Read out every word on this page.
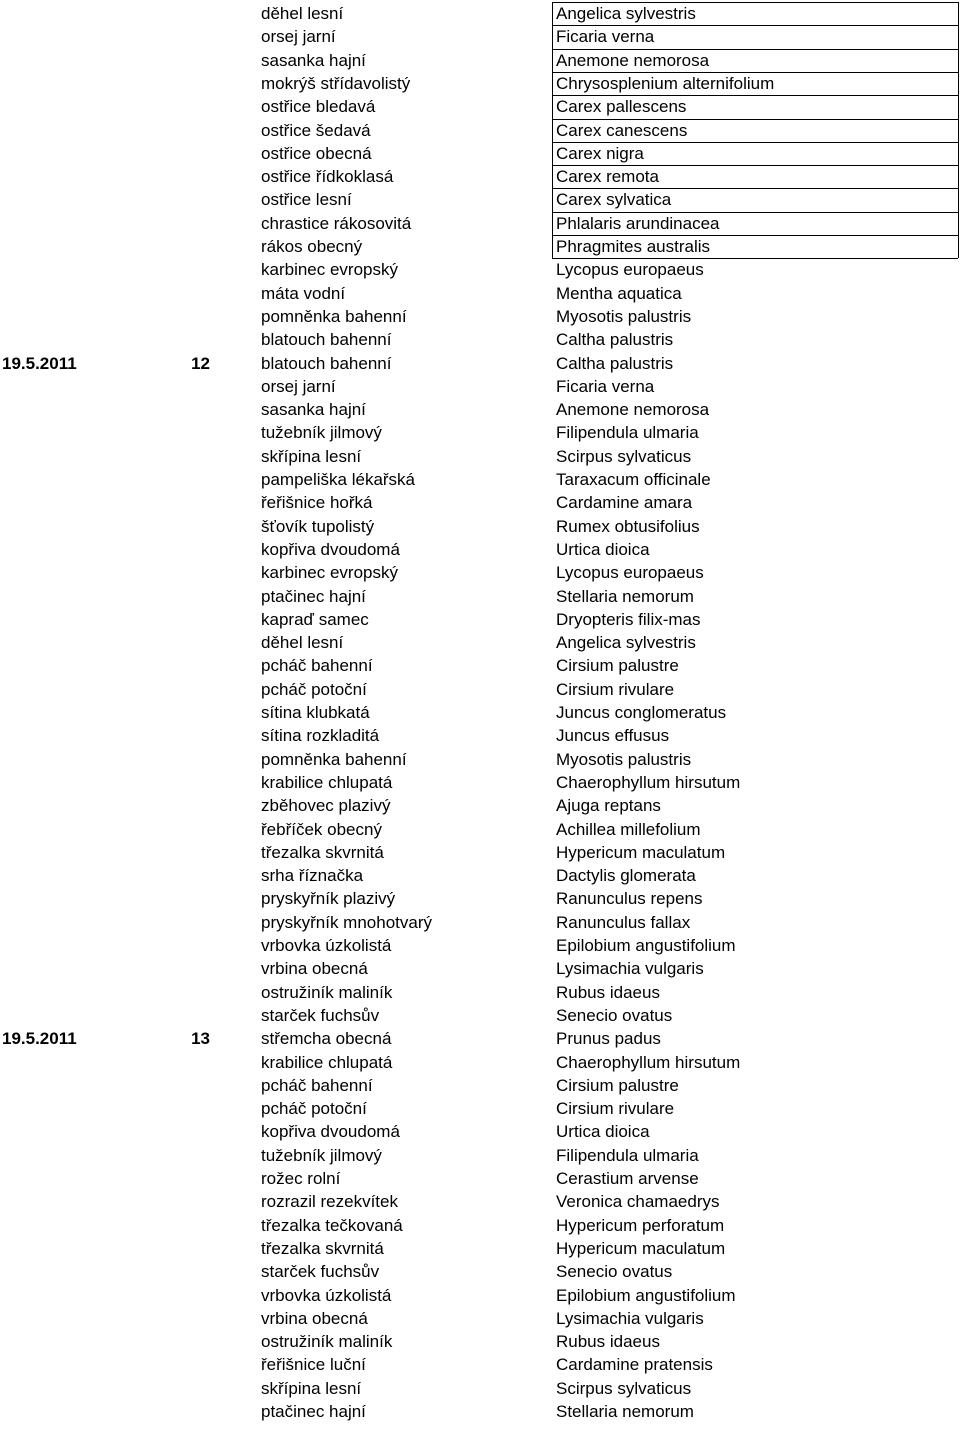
děhel lesní	Angelica sylvestris
orsej jarní	Ficaria verna
sasanka hajní	Anemone nemorosa
mokrýš střídavolistý	Chrysosplenium alternifolium
ostřice bledavá	Carex pallescens
ostřice šedavá	Carex canescens
ostřice obecná	Carex nigra
ostřice řídkoklasá	Carex remota
ostřice lesní	Carex sylvatica
chrastice rákosovitá	Phlalaris arundinacea
rákos obecný	Phragmites australis
karbinec evropský	Lycopus europaeus
máta vodní	Mentha aquatica
pomněnka bahenní	Myosotis palustris
blatouch bahenní	Caltha palustris
19.5.2011	12	blatouch bahenní	Caltha palustris
orsej jarní	Ficaria verna
sasanka hajní	Anemone nemorosa
tužebník jilmový	Filipendula ulmaria
skřípina lesní	Scirpus sylvaticus
pampeliška lékařská	Taraxacum officinale
řeřišnice hořká	Cardamine amara
šťovík tupolistý	Rumex obtusifolius
kopřiva dvoudomá	Urtica dioica
karbinec evropský	Lycopus europaeus
ptačinec hajní	Stellaria nemorum
kapraď samec	Dryopteris filix-mas
děhel lesní	Angelica sylvestris
pcháč bahenní	Cirsium palustre
pcháč potoční	Cirsium rivulare
sítina klubkatá	Juncus conglomeratus
sítina rozkladitá	Juncus effusus
pomněnka bahenní	Myosotis palustris
krabilice chlupatá	Chaerophyllum hirsutum
zběhovec plazivý	Ajuga reptans
řebříček obecný	Achillea millefolium
třezalka skvrnitá	Hypericum maculatum
srha říznačka	Dactylis glomerata
pryskyřník plazivý	Ranunculus repens
pryskyřník mnohotvarý	Ranunculus fallax
vrbovka úzkolistá	Epilobium angustifolium
vrbina obecná	Lysimachia vulgaris
ostružiník maliník	Rubus idaeus
starček fuchsův	Senecio ovatus
19.5.2011	13	střemcha obecná	Prunus padus
krabilice chlupatá	Chaerophyllum hirsutum
pcháč bahenní	Cirsium palustre
pcháč potoční	Cirsium rivulare
kopřiva dvoudomá	Urtica dioica
tužebník jilmový	Filipendula ulmaria
rožec rolní	Cerastium arvense
rozrazil rezekvítek	Veronica chamaedrys
třezalka tečkovaná	Hypericum perforatum
třezalka skvrnitá	Hypericum maculatum
starček fuchsův	Senecio ovatus
vrbovka úzkolistá	Epilobium angustifolium
vrbina obecná	Lysimachia vulgaris
ostružiník maliník	Rubus idaeus
řeřišnice luční	Cardamine pratensis
skřípina lesní	Scirpus sylvaticus
ptačinec hajní	Stellaria nemorum
